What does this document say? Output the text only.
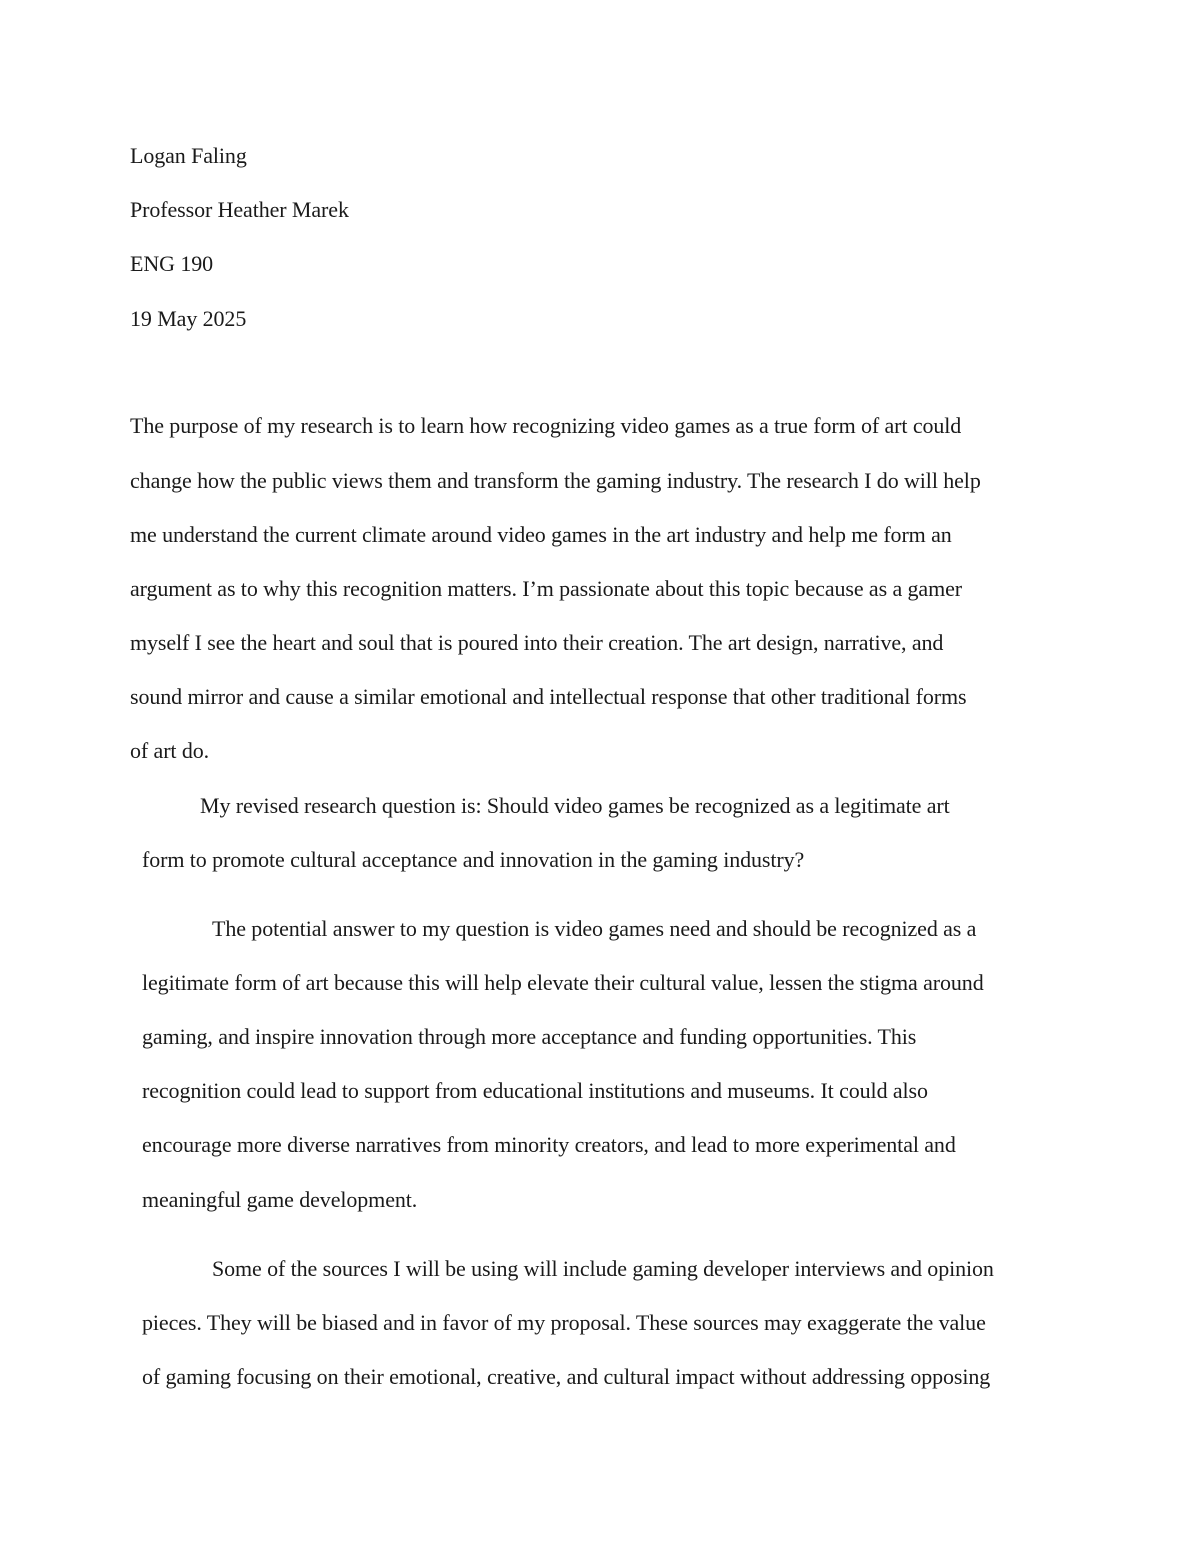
Logan Faling
Professor Heather Marek
ENG 190
19 May 2025
The purpose of my research is to learn how recognizing video games as a true form of art could
change how the public views them and transform the gaming industry. The research I do will help
me understand the current climate around video games in the art industry and help me form an
argument as to why this recognition matters. I’m passionate about this topic because as a gamer
myself I see the heart and soul that is poured into their creation. The art design, narrative, and
sound mirror and cause a similar emotional and intellectual response that other traditional forms
of art do.
My revised research question is: Should video games be recognized as a legitimate art
form to promote cultural acceptance and innovation in the gaming industry?
The potential answer to my question is video games need and should be recognized as a
legitimate form of art because this will help elevate their cultural value, lessen the stigma around
gaming, and inspire innovation through more acceptance and funding opportunities. This
recognition could lead to support from educational institutions and museums. It could also
encourage more diverse narratives from minority creators, and lead to more experimental and
meaningful game development.
Some of the sources I will be using will include gaming developer interviews and opinion
pieces. They will be biased and in favor of my proposal. These sources may exaggerate the value
of gaming focusing on their emotional, creative, and cultural impact without addressing opposing
